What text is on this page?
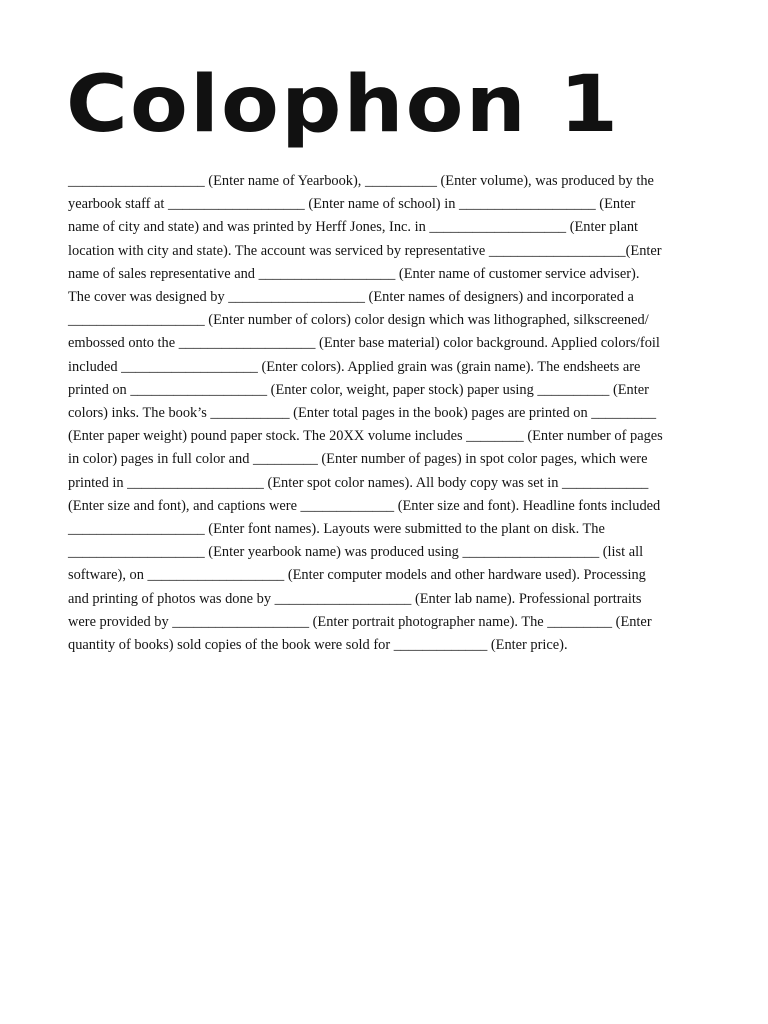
Colophon 1
___________________ (Enter name of Yearbook), __________ (Enter volume), was produced by the
yearbook staff at ___________________ (Enter name of school) in ___________________ (Enter
name of city and state) and was printed by Herff Jones, Inc. in ___________________ (Enter plant
location with city and state). The account was serviced by representative ___________________(Enter
name of sales representative and ___________________ (Enter name of customer service adviser).
The cover was designed by ___________________ (Enter names of designers) and incorporated a
___________________ (Enter number of colors) color design which was lithographed, silkscreened/
embossed onto the ___________________ (Enter base material) color background. Applied colors/foil
included ___________________ (Enter colors). Applied grain was (grain name). The endsheets are
printed on ___________________ (Enter color, weight, paper stock) paper using __________ (Enter
colors) inks. The book’s ___________ (Enter total pages in the book) pages are printed on _________
(Enter paper weight) pound paper stock. The 20XX volume includes ________ (Enter number of pages
in color) pages in full color and _________ (Enter number of pages) in spot color pages, which were
printed in ___________________ (Enter spot color names). All body copy was set in ____________
(Enter size and font), and captions were _____________ (Enter size and font). Headline fonts included
___________________ (Enter font names). Layouts were submitted to the plant on disk. The
___________________ (Enter yearbook name) was produced using ___________________ (list all
software), on ___________________ (Enter computer models and other hardware used). Processing
and printing of photos was done by ___________________ (Enter lab name). Professional portraits
were provided by ___________________ (Enter portrait photographer name). The _________ (Enter
quantity of books) sold copies of the book were sold for _____________ (Enter price).
